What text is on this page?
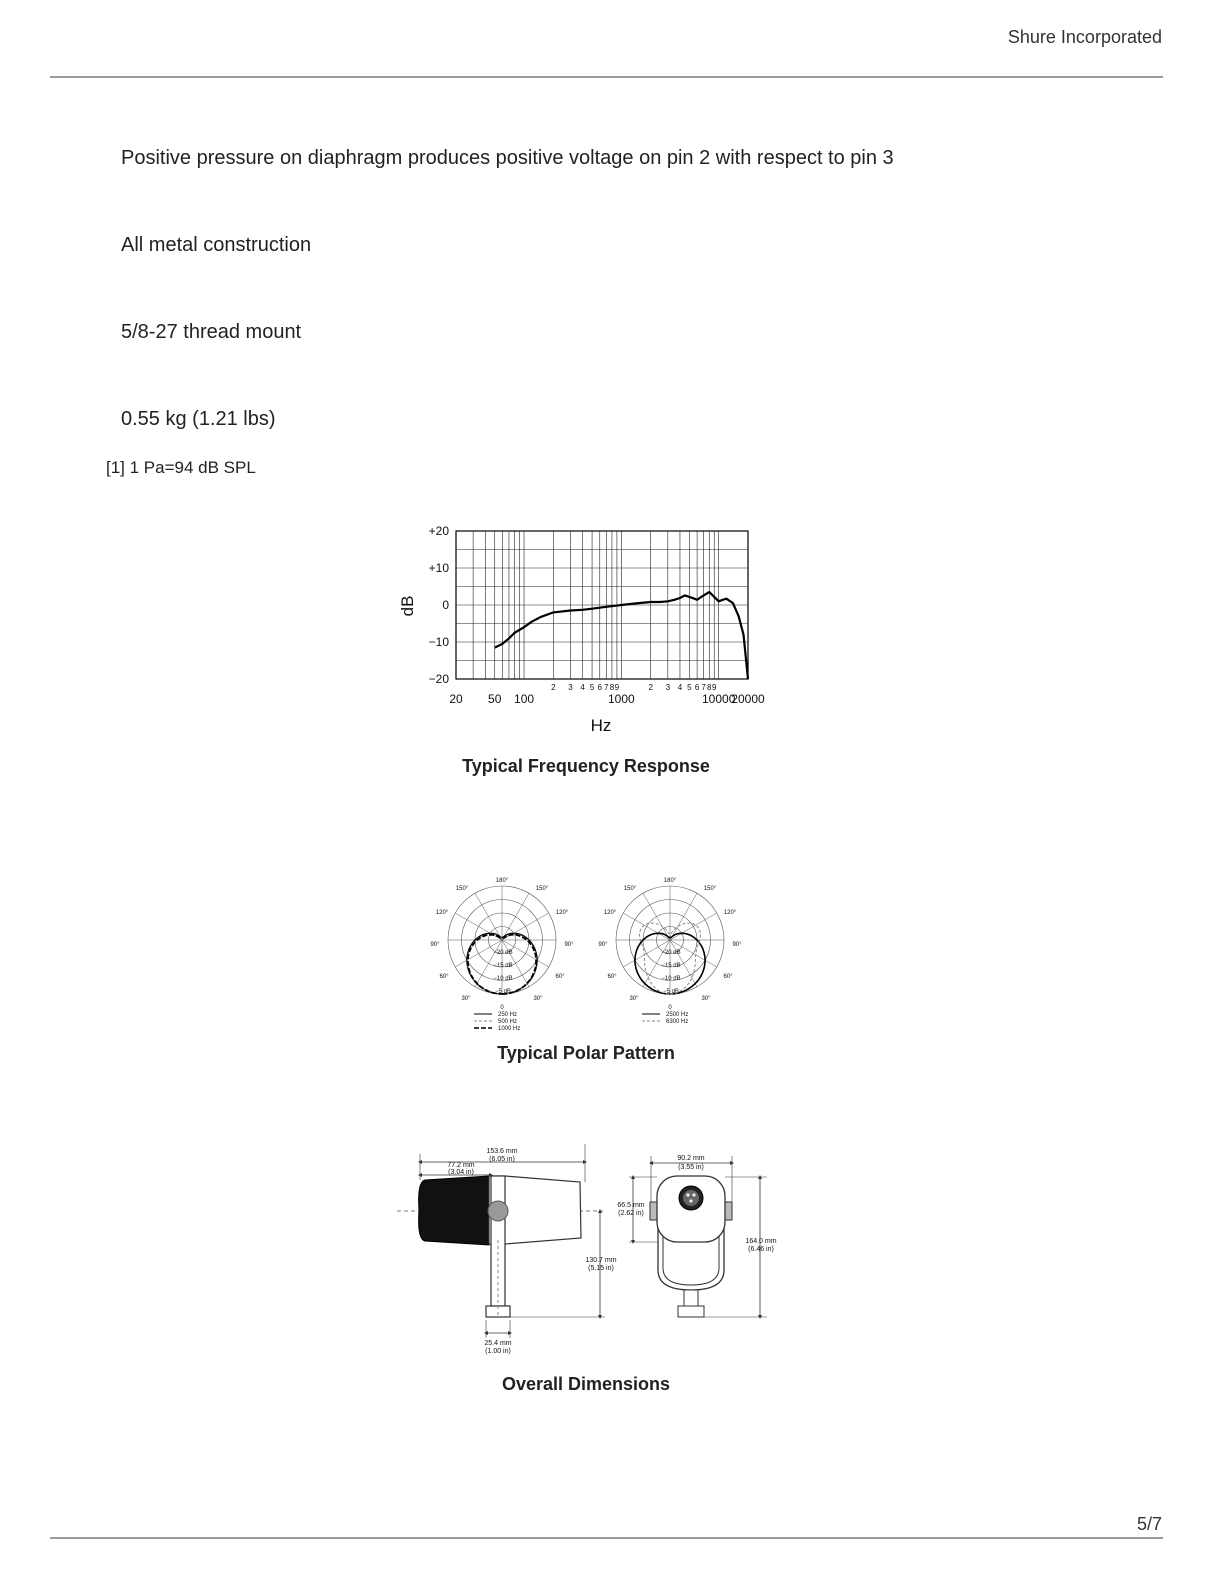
Shure Incorporated
Positive pressure on diaphragm produces positive voltage on pin 2 with respect to pin 3
All metal construction
5/8-27 thread mount
0.55 kg (1.21 lbs)
[1] 1 Pa=94 dB SPL
+20
+10
0
−10
−20
20 50 100	1000	10000
20000
2 3 4 5 6 7 8 9	2 3 4 5 6 7 8 9
dB
Hz
Typical Frequency Response
180°
150°	150°
120°	120°
90°	90°
60°	60°
30°	30°
0
−20 dB
−15 dB
−10 dB
−5 dB
250 Hz
500 Hz
1000 Hz
180°
150°	150°
120°	120°
90°	90°
60°	60°
30°	30°
0
−20 dB
−15 dB
−10 dB
−5 dB
2500 Hz
6300 Hz
Typical Polar Pattern
153.6 mm
(6.05 in)
77.2 mm
(3.04 in)
130.7 mm
(5.15 in)
25.4 mm
(1.00 in)
90.2 mm
(3.55 in)
66.5 mm
(2.62 in)
164.0 mm
(6.46 in)
Overall Dimensions
5/7
